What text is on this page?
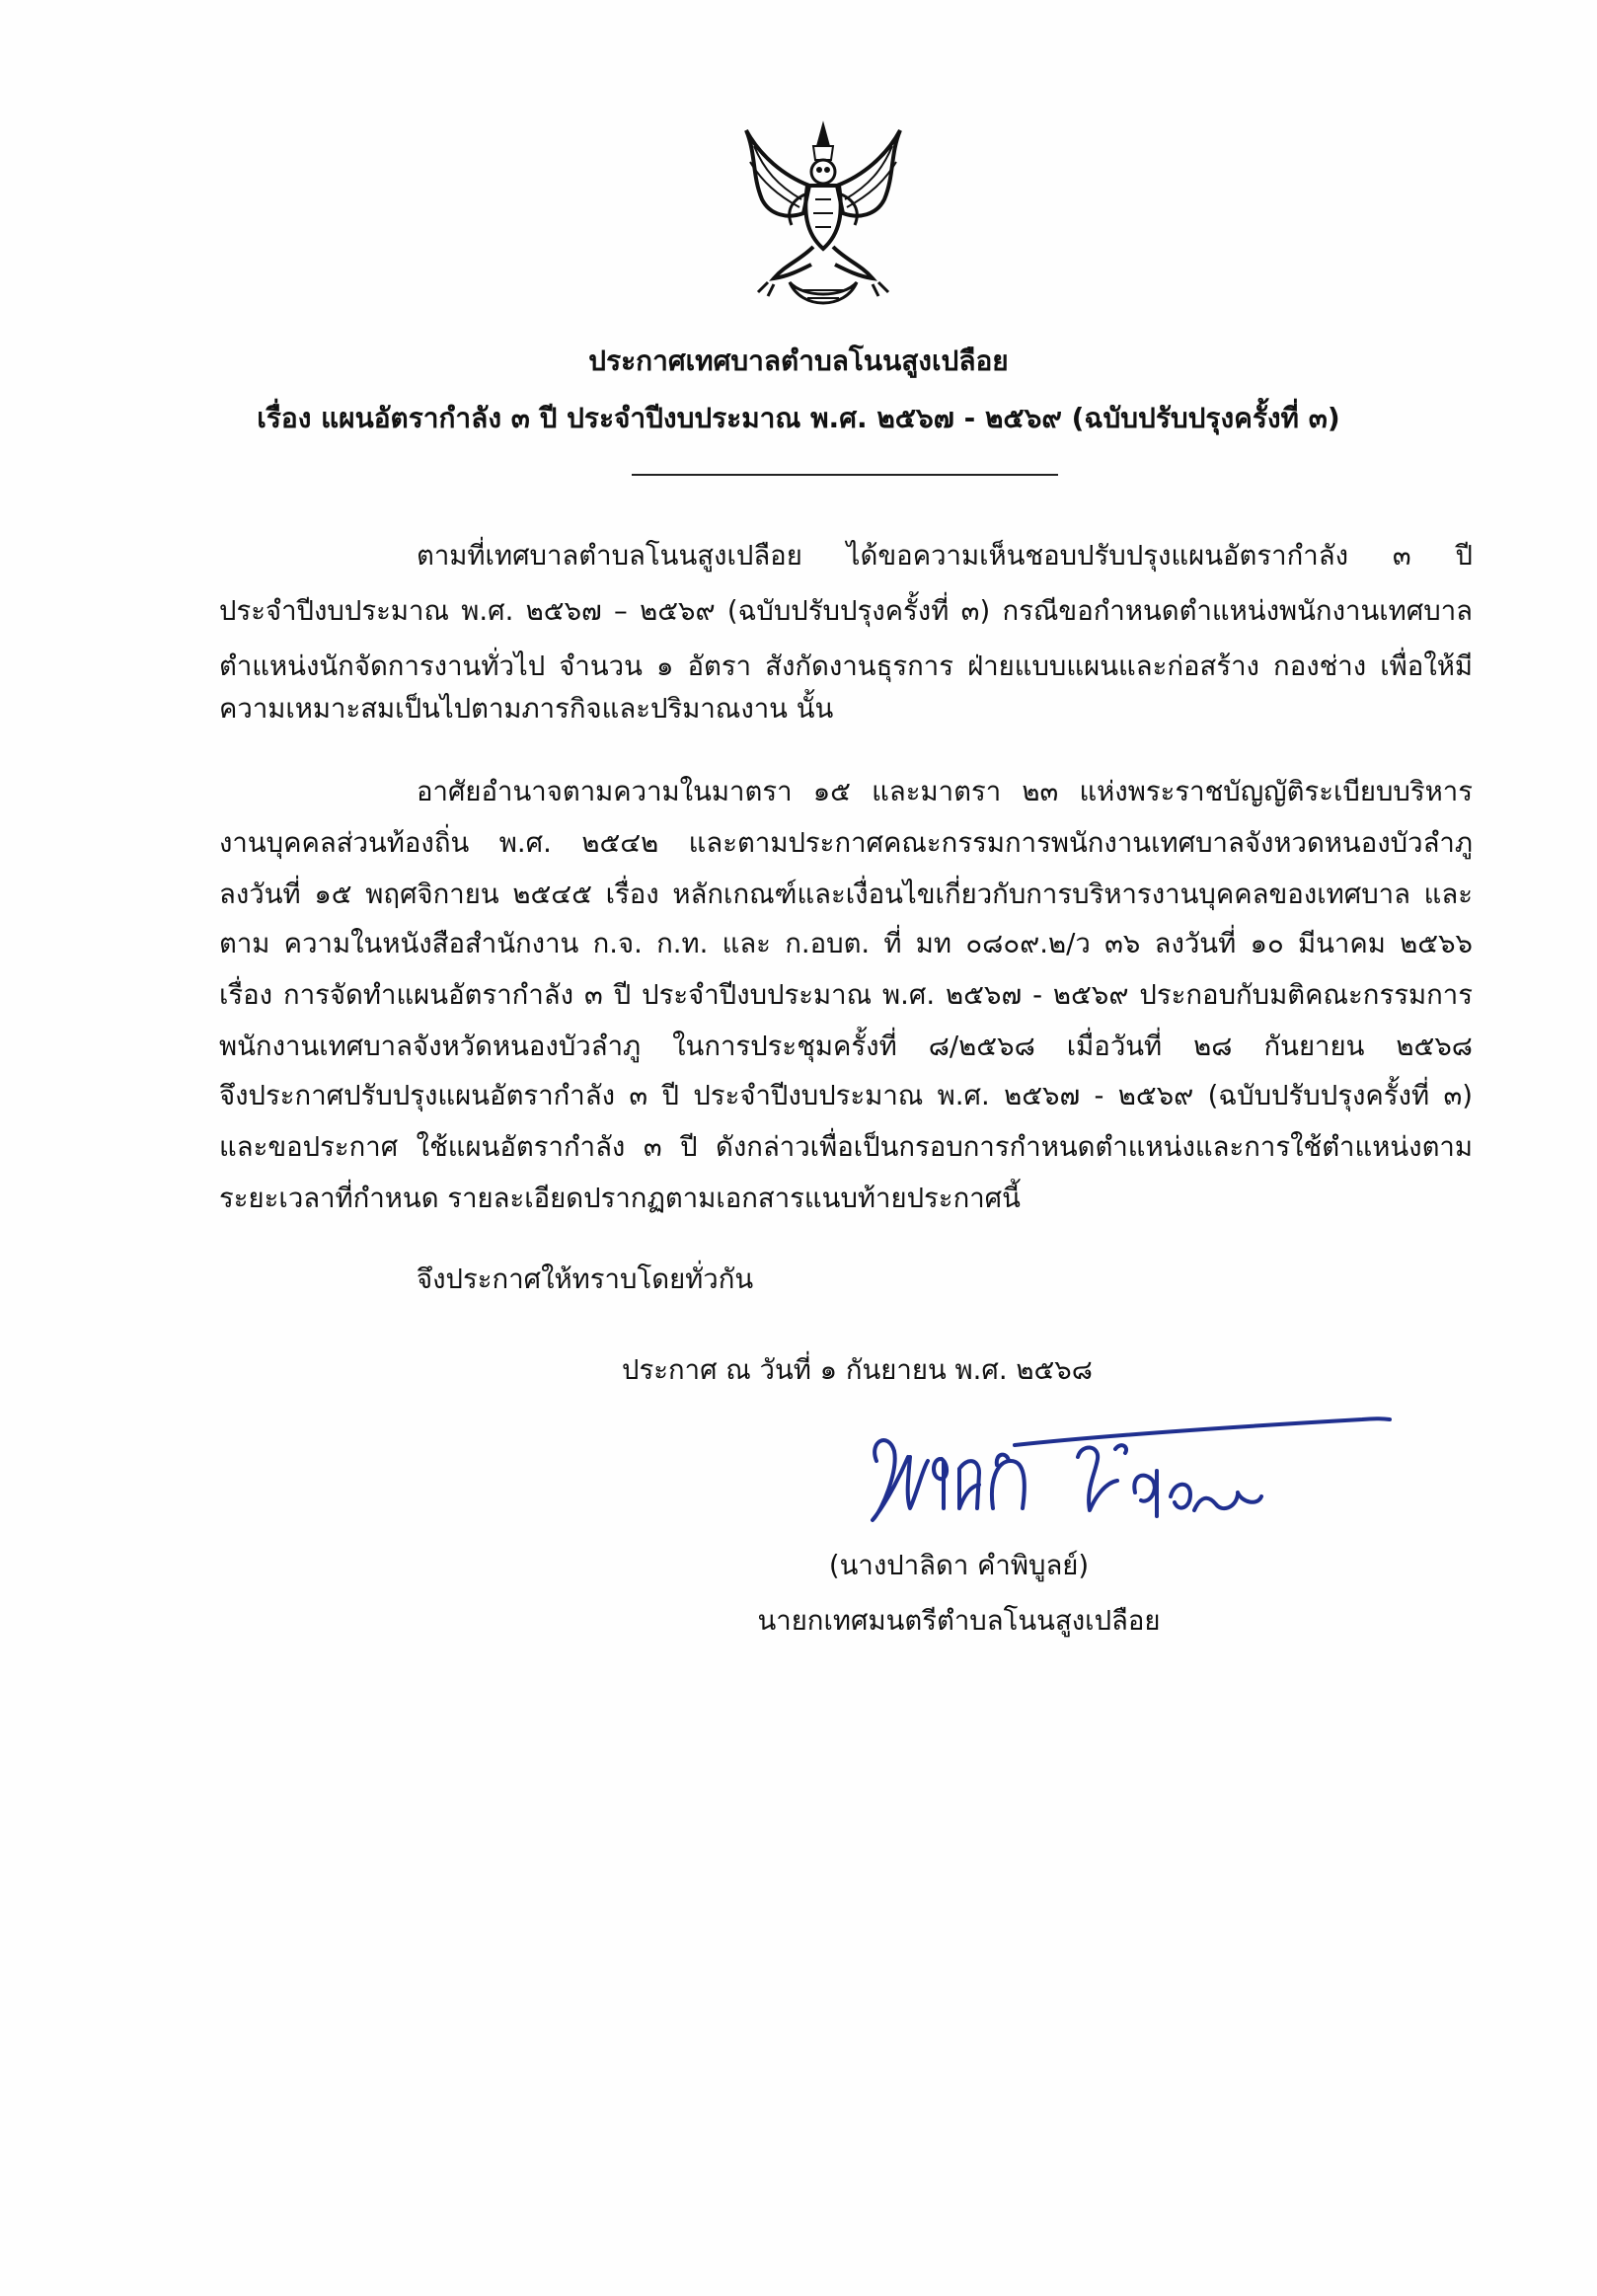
ประกาศเทศบาลตำบลโนนสูงเปลือย
เรื่อง แผนอัตรากำลัง ๓ ปี ประจำปีงบประมาณ พ.ศ. ๒๕๖๗ - ๒๕๖๙ (ฉบับปรับปรุงครั้งที่ ๓)
ตามที่เทศบาลตำบลโนนสูงเปลือย ได้ขอความเห็นชอบปรับปรุงแผนอัตรากำลัง ๓ ปี
ประจำปีงบประมาณ พ.ศ. ๒๕๖๗ – ๒๕๖๙ (ฉบับปรับปรุงครั้งที่ ๓) กรณีขอกำหนดตำแหน่งพนักงานเทศบาล
ตำแหน่งนักจัดการงานทั่วไป จำนวน ๑ อัตรา สังกัดงานธุรการ ฝ่ายแบบแผนและก่อสร้าง กองช่าง เพื่อให้มี
ความเหมาะสมเป็นไปตามภารกิจและปริมาณงาน นั้น
อาศัยอำนาจตามความในมาตรา ๑๕ และมาตรา ๒๓ แห่งพระราชบัญญัติระเบียบบริหาร
งานบุคคลส่วนท้องถิ่น พ.ศ. ๒๕๔๒ และตามประกาศคณะกรรมการพนักงานเทศบาลจังหวดหนองบัวลำภู
ลงวันที่ ๑๕ พฤศจิกายน ๒๕๔๕ เรื่อง หลักเกณฑ์และเงื่อนไขเกี่ยวกับการบริหารงานบุคคลของเทศบาล และ
ตาม ความในหนังสือสำนักงาน ก.จ. ก.ท. และ ก.อบต. ที่ มท ๐๘๐๙.๒/ว ๓๖ ลงวันที่ ๑๐ มีนาคม ๒๕๖๖
เรื่อง การจัดทำแผนอัตรากำลัง ๓ ปี ประจำปีงบประมาณ พ.ศ. ๒๕๖๗ - ๒๕๖๙ ประกอบกับมติคณะกรรมการ
พนักงานเทศบาลจังหวัดหนองบัวลำภู ในการประชุมครั้งที่ ๘/๒๕๖๘ เมื่อวันที่ ๒๘ กันยายน ๒๕๖๘
จึงประกาศปรับปรุงแผนอัตรากำลัง ๓ ปี ประจำปีงบประมาณ พ.ศ. ๒๕๖๗ - ๒๕๖๙ (ฉบับปรับปรุงครั้งที่ ๓)
และขอประกาศ ใช้แผนอัตรากำลัง ๓ ปี ดังกล่าวเพื่อเป็นกรอบการกำหนดตำแหน่งและการใช้ตำแหน่งตาม
ระยะเวลาที่กำหนด รายละเอียดปรากฏตามเอกสารแนบท้ายประกาศนี้
จึงประกาศให้ทราบโดยทั่วกัน
ประกาศ ณ วันที่ ๑ กันยายน พ.ศ. ๒๕๖๘
(นางปาลิดา คำพิบูลย์)
นายกเทศมนตรีตำบลโนนสูงเปลือย
